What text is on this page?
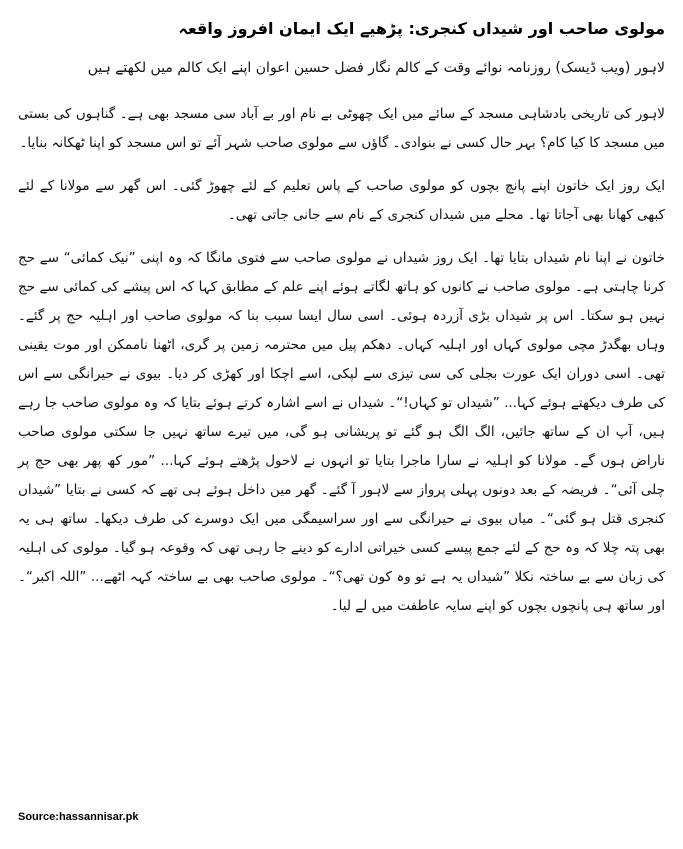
مولوی صاحب اور شیداں کنجری: پڑھیے ایک ایمان افروز واقعہ

لاہور (ویب ڈیسک) روزنامہ نوائے وقت کے کالم نگار فضل حسین اعوان اپنے ایک کالم میں لکھتے ہیں

لاہور کی تاریخی بادشاہی مسجد کے سائے میں ایک چھوٹی بے نام اور بے آباد سی مسجد بھی ہے۔ گناہوں کی بستی میں مسجد کا کیا کام؟ بہر حال کسی نے بنوادی۔ گاؤں سے مولوی صاحب شہر آئے تو اس مسجد کو اپنا ٹھکانہ بنایا۔

ایک روز ایک خاتون اپنے پانچ بچوں کو مولوی صاحب کے پاس تعلیم کے لئے چھوڑ گئی۔ اس گھر سے مولانا کے لئے کبھی کھانا بھی آجاتا تھا۔ محلے میں شیداں کنجری کے نام سے جانی جاتی تھی۔

خاتون نے اپنا نام شیداں بتایا تھا۔ ایک روز شیداں نے مولوی صاحب سے فتوی مانگا کہ وہ اپنی ”نیک کمائی“ سے حج کرنا چاہتی ہے۔ مولوی صاحب نے کانوں کو ہاتھ لگاتے ہوئے اپنے علم کے مطابق کہا کہ اس پیشے کی کمائی سے حج نہیں ہو سکتا۔ اس پر شیداں بڑی آزردہ ہوئی۔ اسی سال ایسا سبب بنا کہ مولوی صاحب اور اہلیہ حج پر گئے۔ وہاں بھگدڑ مچی مولوی کہاں اور اہلیہ کہاں۔ دھکم پیل میں محترمہ زمین پر گری، اٹھنا ناممکن اور موت یقینی تھی۔ اسی دوران ایک عورت بجلی کی سی تیزی سے لپکی، اسے اچکا اور کھڑی کر دیا۔ بیوی نے حیرانگی سے اس کی طرف دیکھتے ہوئے کہا... ”شیداں تو کہاں!“۔ شیداں نے اسے اشارہ کرتے ہوئے بتایا کہ وہ مولوی صاحب جا رہے ہیں، آپ ان کے ساتھ جائیں، الگ الگ ہو گئے تو پریشانی ہو گی، میں تیرے ساتھ نہیں جا سکتی مولوی صاحب ناراض ہوں گے۔ مولانا کو اہلیہ نے سارا ماجرا بتایا تو انہوں نے لاحول پڑھتے ہوئے کہا... ”مور کھ پھر بھی حج پر چلی آئی“۔ فریضہ کے بعد دونوں پہلی پرواز سے لاہور آ گئے۔ گھر میں داخل ہوئے ہی تھے کہ کسی نے بتایا ”شیداں کنجری قتل ہو گئی“۔ میاں بیوی نے حیرانگی سے اور سراسیمگی میں ایک دوسرے کی طرف دیکھا۔ ساتھ ہی یہ بھی پتہ چلا کہ وہ حج کے لئے جمع پیسے کسی خیراتی ادارے کو دینے جا رہی تھی کہ وقوعہ ہو گیا۔ مولوی کی اہلیہ کی زبان سے بے ساختہ نکلا ”شیداں یہ ہے تو وہ کون تھی؟“۔ مولوی صاحب بھی بے ساختہ کہہ اٹھے... ”اللہ اکبر“۔ اور ساتھ ہی پانچوں بچوں کو اپنے سایہ عاطفت میں لے لیا۔

Source:hassannisar.pk
